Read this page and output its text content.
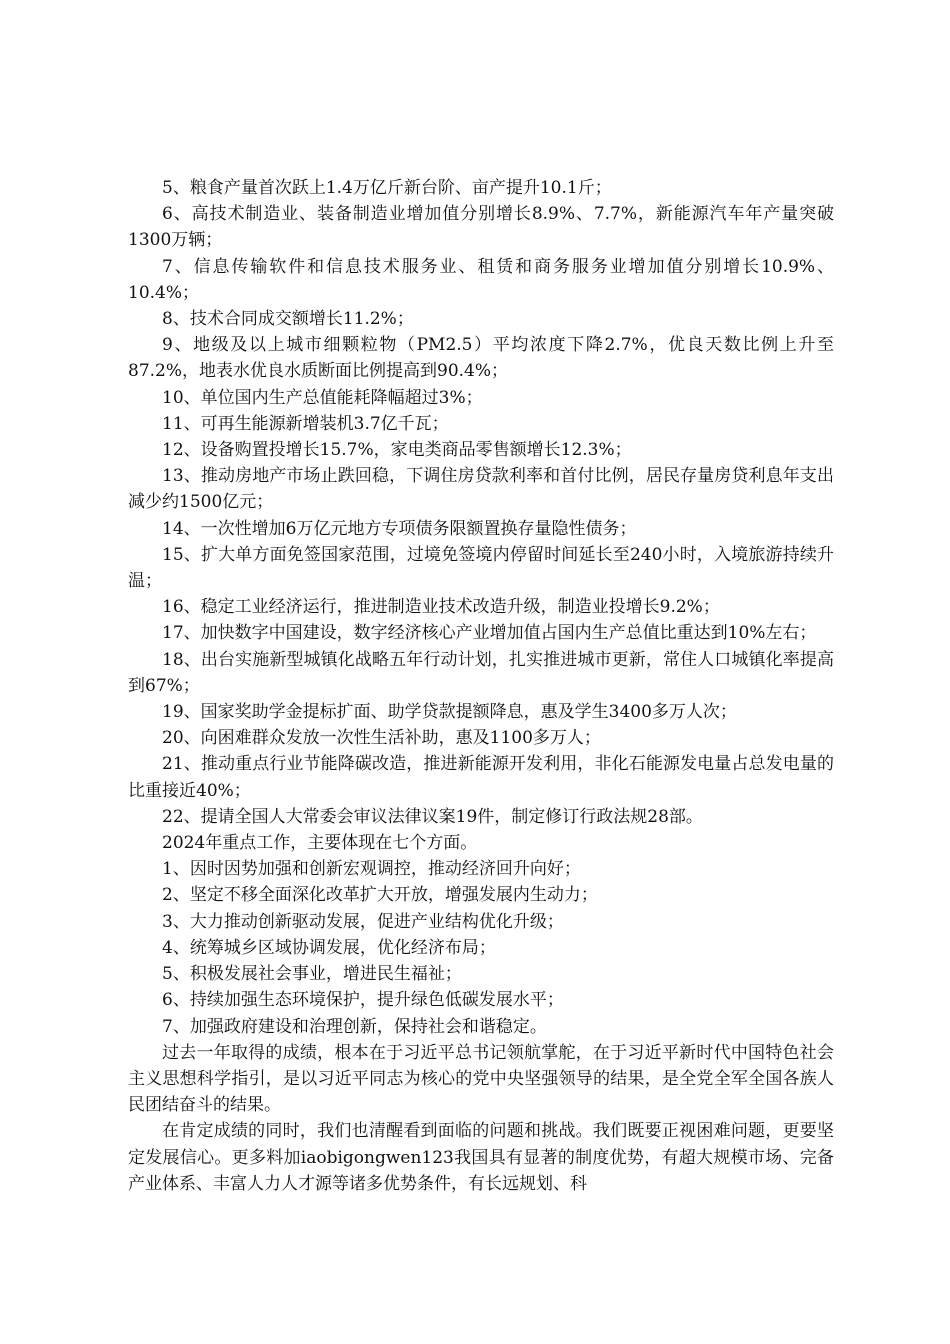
5、粮食产量首次跃上1.4万亿斤新台阶、亩产提升10.1斤；

6、高技术制造业、装备制造业增加值分别增长8.9%、7.7%，新能源汽车年产量突破1300万辆；

7、信息传输软件和信息技术服务业、租赁和商务服务业增加值分别增长10.9%、10.4%；

8、技术合同成交额增长11.2%；

9、地级及以上城市细颗粒物（PM2.5）平均浓度下降2.7%，优良天数比例上升至87.2%，地表水优良水质断面比例提高到90.4%；

10、单位国内生产总值能耗降幅超过3%；

11、可再生能源新增装机3.7亿千瓦；

12、设备购置投增长15.7%，家电类商品零售额增长12.3%；

13、推动房地产市场止跌回稳，下调住房贷款利率和首付比例，居民存量房贷利息年支出减少约1500亿元；

14、一次性增加6万亿元地方专项债务限额置换存量隐性债务；

15、扩大单方面免签国家范围，过境免签境内停留时间延长至240小时，入境旅游持续升温；

16、稳定工业经济运行，推进制造业技术改造升级，制造业投增长9.2%；

17、加快数字中国建设，数字经济核心产业增加值占国内生产总值比重达到10%左右；

18、出台实施新型城镇化战略五年行动计划，扎实推进城市更新，常住人口城镇化率提高到67%；

19、国家奖助学金提标扩面、助学贷款提额降息，惠及学生3400多万人次；

20、向困难群众发放一次性生活补助，惠及1100多万人；

21、推动重点行业节能降碳改造，推进新能源开发利用，非化石能源发电量占总发电量的比重接近40%；

22、提请全国人大常委会审议法律议案19件，制定修订行政法规28部。

2024年重点工作，主要体现在七个方面。

1、因时因势加强和创新宏观调控，推动经济回升向好；

2、坚定不移全面深化改革扩大开放，增强发展内生动力；

3、大力推动创新驱动发展，促进产业结构优化升级；

4、统筹城乡区域协调发展，优化经济布局；

5、积极发展社会事业，增进民生福祉；

6、持续加强生态环境保护，提升绿色低碳发展水平；

7、加强政府建设和治理创新，保持社会和谐稳定。

过去一年取得的成绩，根本在于习近平总书记领航掌舵，在于习近平新时代中国特色社会主义思想科学指引，是以习近平同志为核心的党中央坚强领导的结果，是全党全军全国各族人民团结奋斗的结果。

在肯定成绩的同时，我们也清醒看到面临的问题和挑战。我们既要正视困难问题，更要坚定发展信心。更多料加iaobigongwen123我国具有显著的制度优势，有超大规模市场、完备产业体系、丰富人力人才源等诸多优势条件，有长远规划、科
